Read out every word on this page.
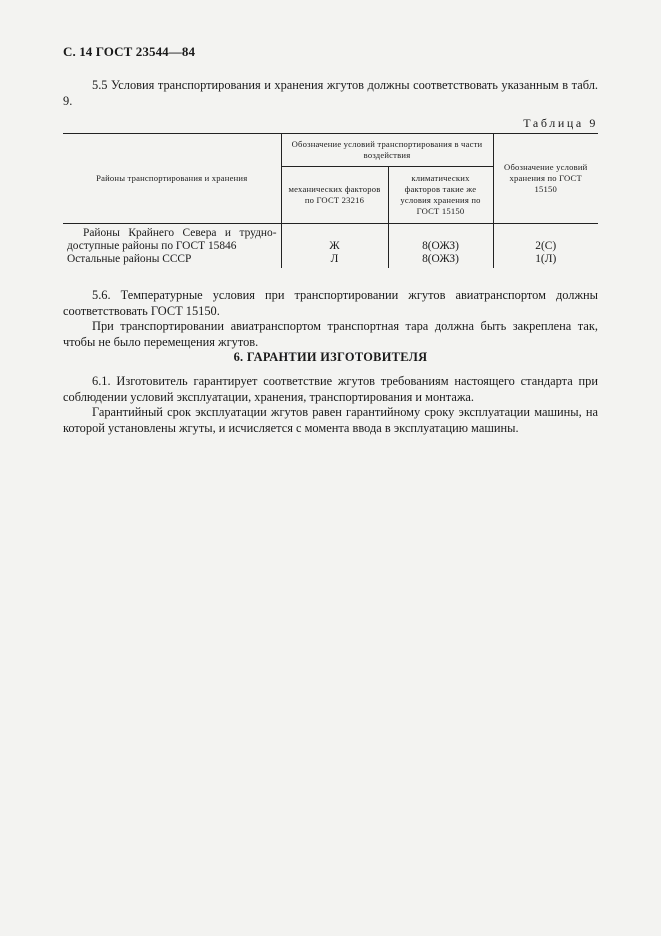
С. 14 ГОСТ 23544—84
5.5 Условия транспортирования и хранения жгутов должны соответствовать указанным в табл. 9.
Таблица 9
Районы транспортирования и хранения	Обозначение условий транспортирования в части воздействия		Обозначение условий хранения по ГОСТ 15150
	механических факторов по ГОСТ 23216	климатических факторов такие же условия хранения по ГОСТ 15150	
Районы Крайнего Севера и трудно-доступные районы по ГОСТ 15846	Ж	8(ОЖЗ)	2(С)
Остальные районы СССР	Л	8(ОЖЗ)	1(Л)
5.6. Температурные условия при транспортировании жгутов авиатранспортом должны соответствовать ГОСТ 15150.
При транспортировании авиатранспортом транспортная тара должна быть закреплена так, чтобы не было перемещения жгутов.
6. ГАРАНТИИ ИЗГОТОВИТЕЛЯ
6.1. Изготовитель гарантирует соответствие жгутов требованиям настоящего стандарта при соблюдении условий эксплуатации, хранения, транспортирования и монтажа.
Гарантийный срок эксплуатации жгутов равен гарантийному сроку эксплуатации машины, на которой установлены жгуты, и исчисляется с момента ввода в эксплуатацию машины.
